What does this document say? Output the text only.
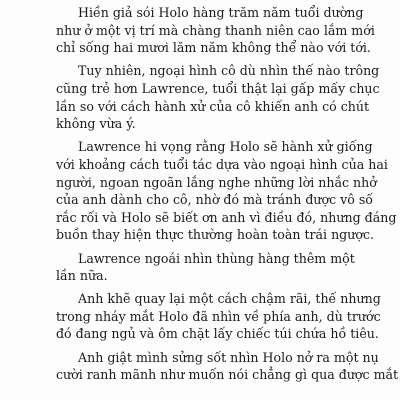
Hiền giả sói Holo hàng trăm năm tuổi dường
như ở một vị trí mà chàng thanh niên cao lắm mới
chỉ sống hai mươi lăm năm không thể nào với tới.

Tuy nhiên, ngoại hình cô dù nhìn thế nào trông
cũng trẻ hơn Lawrence, tuổi thật lại gấp mấy chục
lần so với cách hành xử của cô khiến anh có chút
không vừa ý.

Lawrence hi vọng rằng Holo sẽ hành xử giống
với khoảng cách tuổi tác dựa vào ngoại hình của hai
người, ngoan ngoãn lắng nghe những lời nhắc nhở
của anh dành cho cô, nhờ đó mà tránh được vô số
rắc rối và Holo sẽ biết ơn anh vì điều đó, nhưng đáng
buồn thay hiện thực thường hoàn toàn trái ngược.

Lawrence ngoái nhìn thùng hàng thêm một
lần nữa.

Anh khẽ quay lại một cách chậm rãi, thế nhưng
trong nháy mắt Holo đã nhìn về phía anh, dù trước
đó đang ngủ và ôm chặt lấy chiếc túi chứa hồ tiêu.

Anh giật mình sửng sốt nhìn Holo nở ra một nụ
cười ranh mãnh như muốn nói chẳng gì qua được mắt
